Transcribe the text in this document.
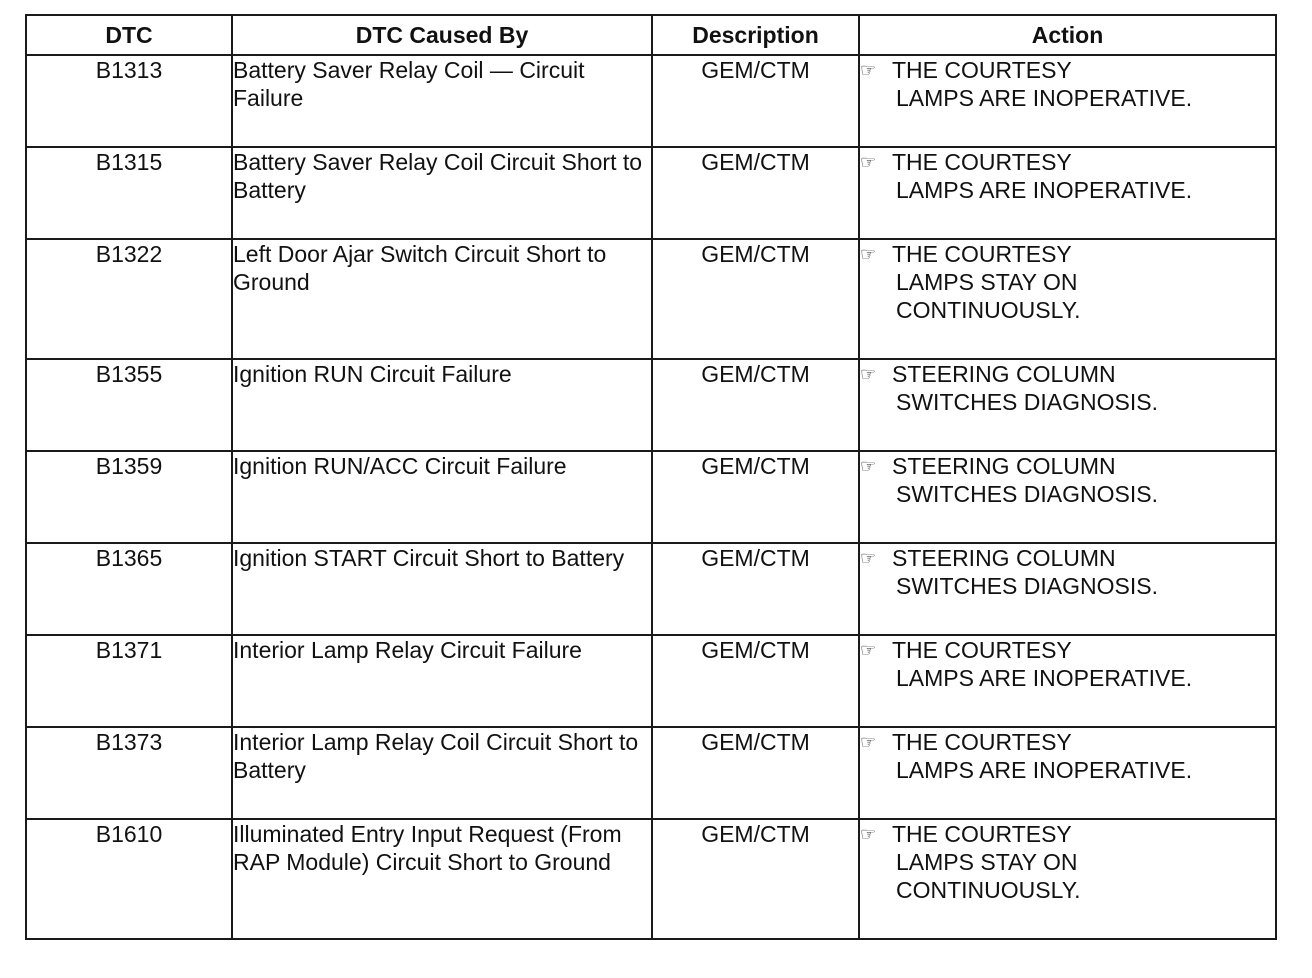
DTC	DTC Caused By	Description	Action
B1313	Battery Saver Relay Coil — Circuit Failure	GEM/CTM	☞ THE COURTESY
LAMPS ARE INOPERATIVE.

B1315	Battery Saver Relay Coil Circuit Short to Battery	GEM/CTM	☞ THE COURTESY
LAMPS ARE INOPERATIVE.

B1322	Left Door Ajar Switch Circuit Short to Ground	GEM/CTM	☞ THE COURTESY
LAMPS STAY ON
CONTINUOUSLY.

B1355	Ignition RUN Circuit Failure	GEM/CTM	☞ STEERING COLUMN
SWITCHES DIAGNOSIS.

B1359	Ignition RUN/ACC Circuit Failure	GEM/CTM	☞ STEERING COLUMN
SWITCHES DIAGNOSIS.

B1365	Ignition START Circuit Short to Battery	GEM/CTM	☞ STEERING COLUMN
SWITCHES DIAGNOSIS.

B1371	Interior Lamp Relay Circuit Failure	GEM/CTM	☞ THE COURTESY
LAMPS ARE INOPERATIVE.

B1373	Interior Lamp Relay Coil Circuit Short to Battery	GEM/CTM	☞ THE COURTESY
LAMPS ARE INOPERATIVE.

B1610	Illuminated Entry Input Request (From RAP Module) Circuit Short to Ground	GEM/CTM	☞ THE COURTESY
LAMPS STAY ON
CONTINUOUSLY.
